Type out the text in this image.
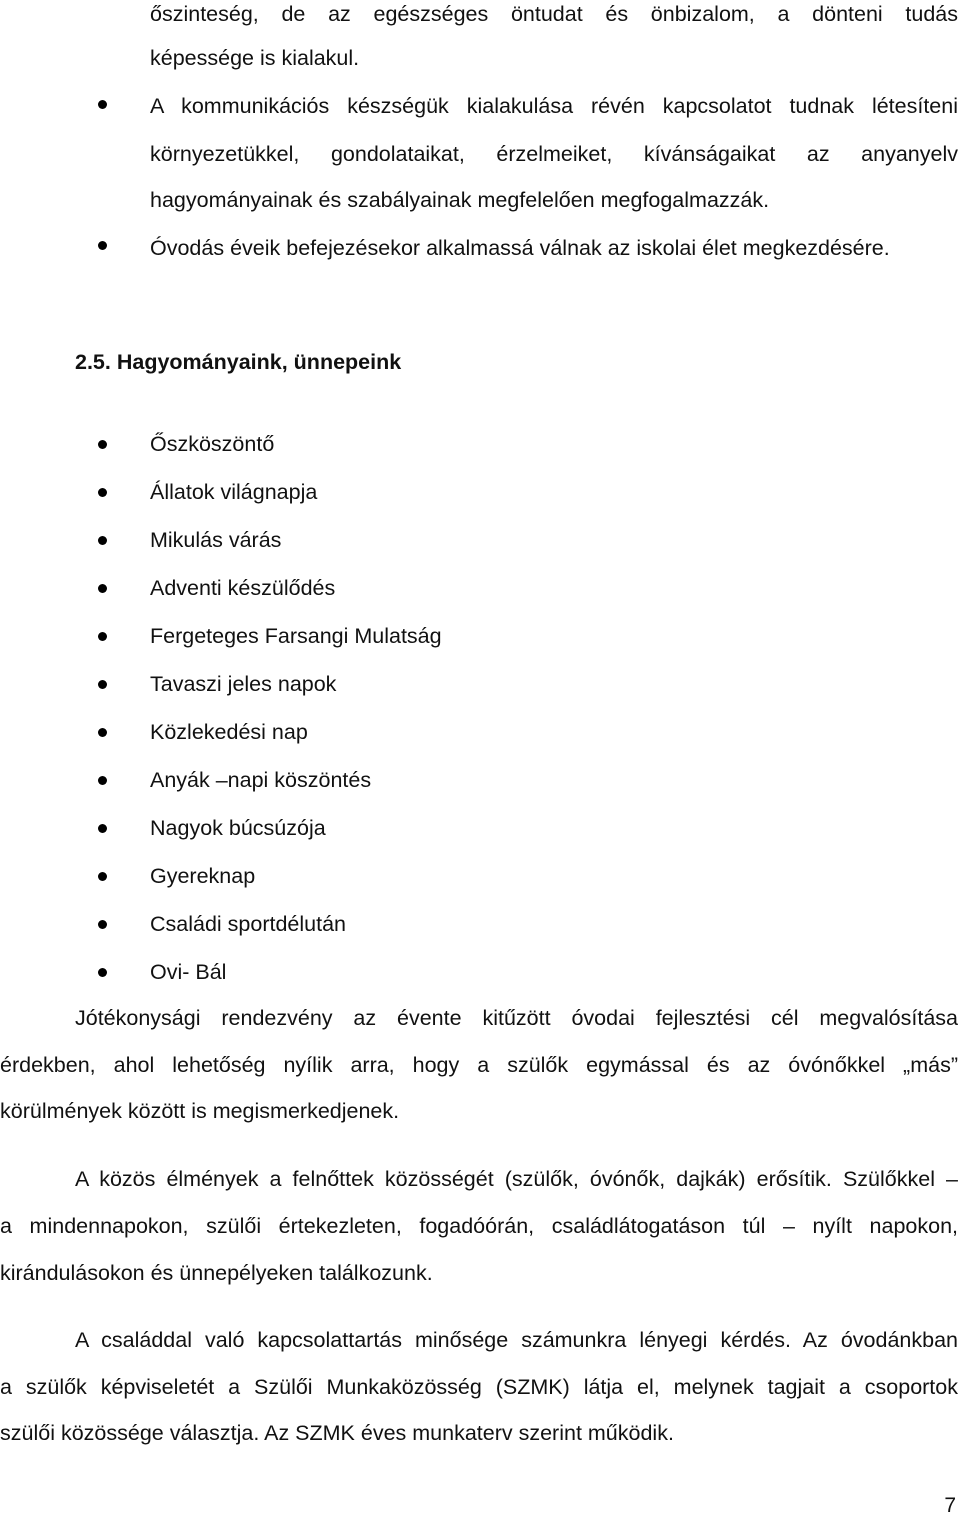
őszinteség, de az egészséges öntudat és önbizalom, a dönteni tudás
képessége is kialakul.
A kommunikációs készségük kialakulása révén kapcsolatot tudnak létesíteni
környezetükkel, gondolataikat, érzelmeiket, kívánságaikat az anyanyelv
hagyományainak és szabályainak megfelelően megfogalmazzák.
Óvodás éveik befejezésekor alkalmassá válnak az iskolai élet megkezdésére.
2.5. Hagyományaink, ünnepeink
Őszköszöntő
Állatok világnapja
Mikulás várás
Adventi készülődés
Fergeteges Farsangi Mulatság
Tavaszi jeles napok
Közlekedési nap
Anyák –napi köszöntés
Nagyok búcsúzója
Gyereknap
Családi sportdélután
Ovi- Bál
Jótékonysági rendezvény az évente kitűzött óvodai fejlesztési cél megvalósítása
érdekben, ahol lehetőség nyílik arra, hogy a szülők egymással és az óvónőkkel „más”
körülmények között is megismerkedjenek.
A közös élmények a felnőttek közösségét (szülők, óvónők, dajkák) erősítik. Szülőkkel –
a mindennapokon, szülői értekezleten, fogadóórán, családlátogatáson túl – nyílt napokon,
kirándulásokon és ünnepélyeken találkozunk.
A családdal való kapcsolattartás minősége számunkra lényegi kérdés. Az óvodánkban
a szülők képviseletét a Szülői Munkaközösség (SZMK) látja el, melynek tagjait a csoportok
szülői közössége választja. Az SZMK éves munkaterv szerint működik.
7
